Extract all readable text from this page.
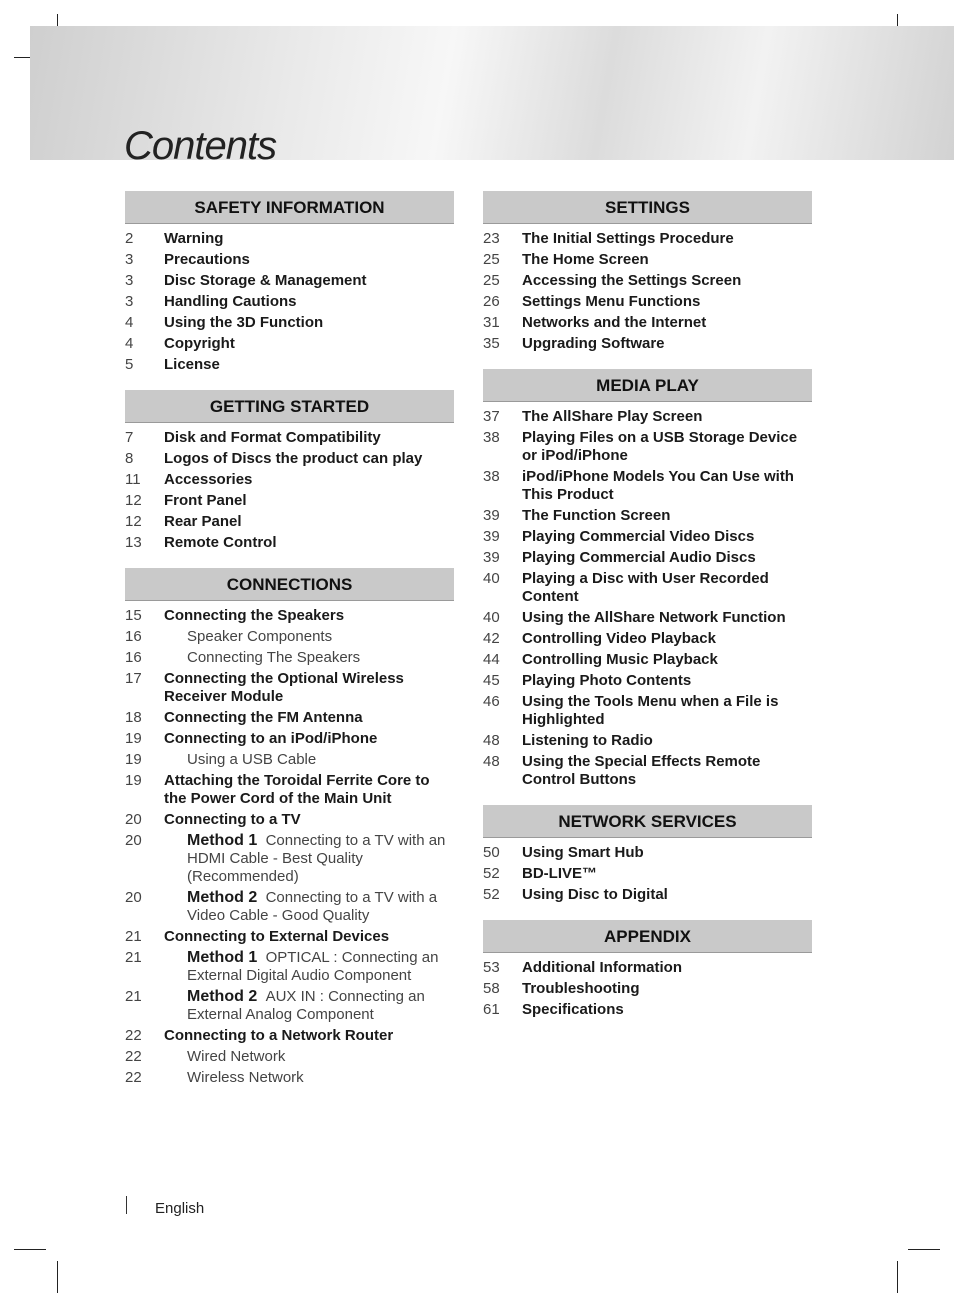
Contents
SAFETY INFORMATION
2 Warning
3 Precautions
3 Disc Storage & Management
3 Handling Cautions
4 Using the 3D Function
4 Copyright
5 License
GETTING STARTED
7 Disk and Format Compatibility
8 Logos of Discs the product can play
11 Accessories
12 Front Panel
12 Rear Panel
13 Remote Control
CONNECTIONS
15 Connecting the Speakers
16	Speaker Components
16	Connecting The Speakers
17 Connecting the Optional Wireless Receiver Module
18 Connecting the FM Antenna
19 Connecting to an iPod/iPhone
19	Using a USB Cable
19 Attaching the Toroidal Ferrite Core to the Power Cord of the Main Unit
20 Connecting to a TV
20	Method 1 Connecting to a TV with an HDMI Cable - Best Quality (Recommended)
20	Method 2 Connecting to a TV with a Video Cable - Good Quality
21 Connecting to External Devices
21	Method 1 OPTICAL : Connecting an External Digital Audio Component
21	Method 2 AUX IN : Connecting an External Analog Component
22 Connecting to a Network Router
22	Wired Network
22	Wireless Network
SETTINGS
23 The Initial Settings Procedure
25 The Home Screen
25 Accessing the Settings Screen
26 Settings Menu Functions
31 Networks and the Internet
35 Upgrading Software
MEDIA PLAY
37 The AllShare Play Screen
38 Playing Files on a USB Storage Device or iPod/iPhone
38 iPod/iPhone Models You Can Use with This Product
39 The Function Screen
39 Playing Commercial Video Discs
39 Playing Commercial Audio Discs
40 Playing a Disc with User Recorded Content
40 Using the AllShare Network Function
42 Controlling Video Playback
44 Controlling Music Playback
45 Playing Photo Contents
46 Using the Tools Menu when a File is Highlighted
48 Listening to Radio
48 Using the Special Effects Remote Control Buttons
NETWORK SERVICES
50 Using Smart Hub
52 BD-LIVE™
52 Using Disc to Digital
APPENDIX
53 Additional Information
58 Troubleshooting
61 Specifications
English
